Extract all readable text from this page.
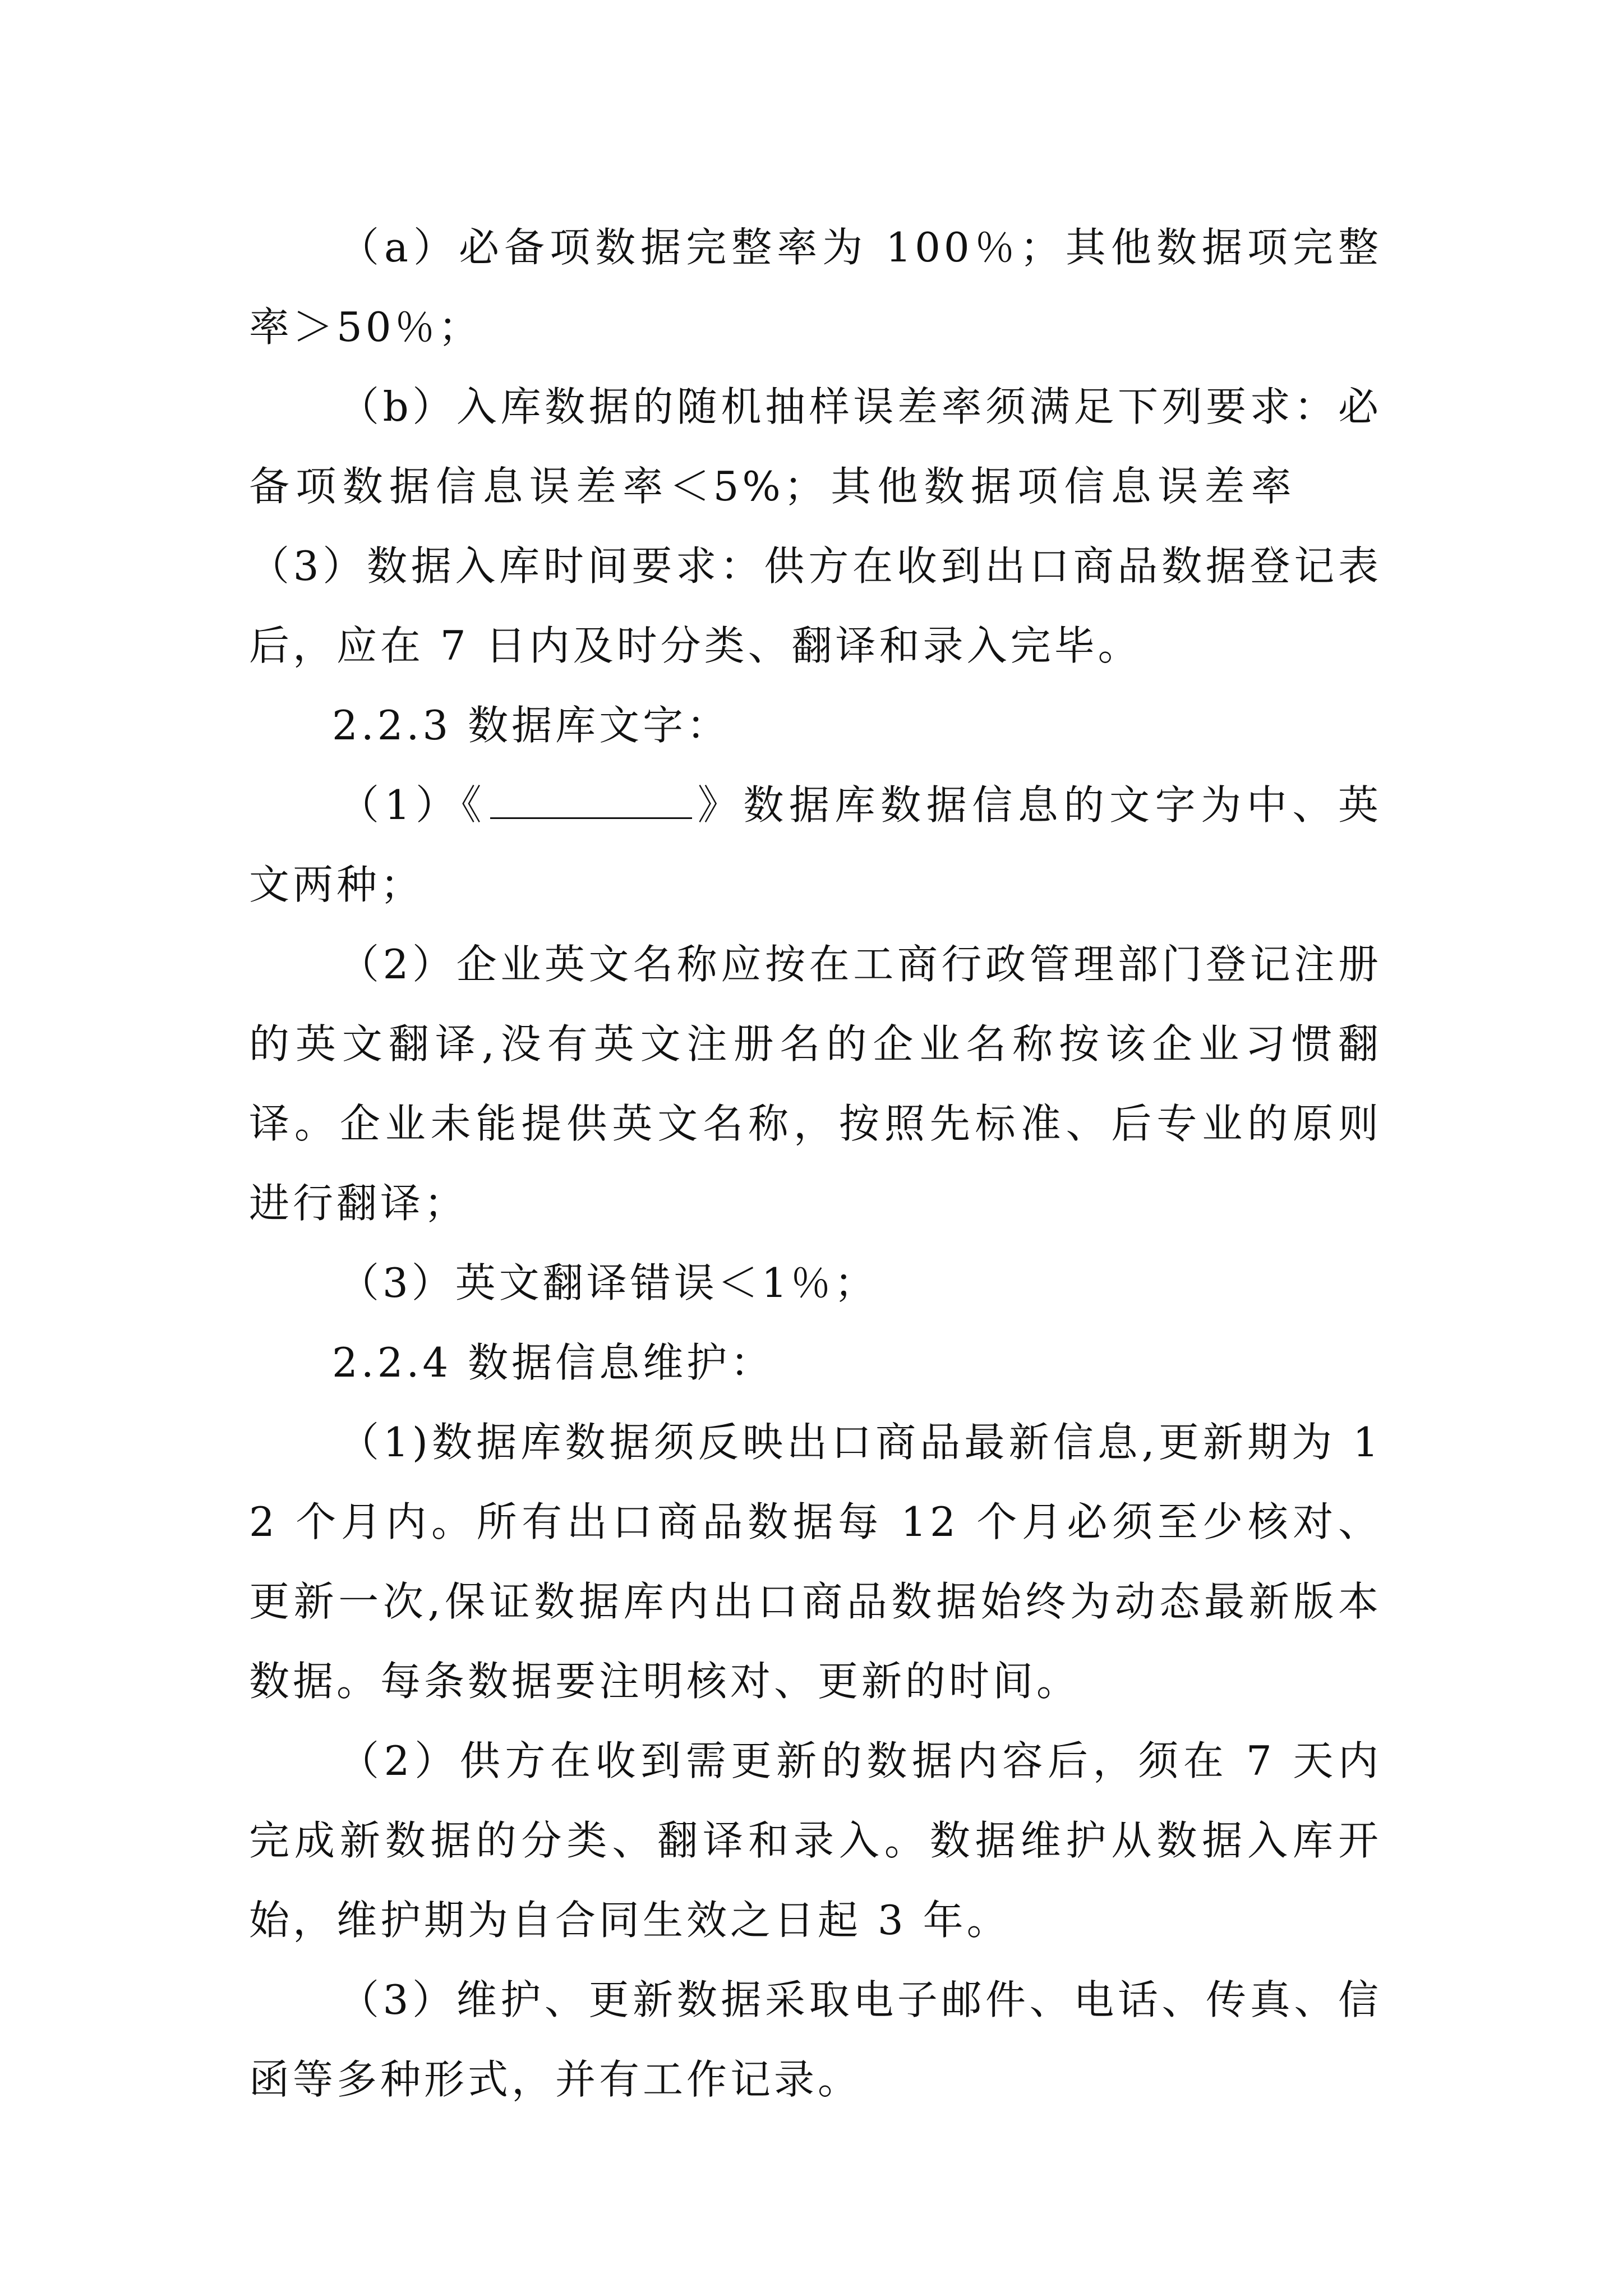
（a）必备项数据完整率为 100％；其他数据项完整率＞50％；

（b）入库数据的随机抽样误差率须满足下列要求：必备项数据信息误差率＜5%；其他数据项信息误差率（3）数据入库时间要求：供方在收到出口商品数据登记表后，应在 7 日内及时分类、翻译和录入完毕。

2.2.3 数据库文字：

（1）《	》数据库数据信息的文字为中、英文两种；

（2）企业英文名称应按在工商行政管理部门登记注册的英文翻译,没有英文注册名的企业名称按该企业习惯翻译。企业未能提供英文名称，按照先标准、后专业的原则进行翻译；

（3）英文翻译错误＜1％；

2.2.4 数据信息维护：

（1)数据库数据须反映出口商品最新信息,更新期为 12 个月内。所有出口商品数据每 12 个月必须至少核对、更新一次,保证数据库内出口商品数据始终为动态最新版本数据。每条数据要注明核对、更新的时间。

（2）供方在收到需更新的数据内容后，须在 7 天内完成新数据的分类、翻译和录入。数据维护从数据入库开始，维护期为自合同生效之日起 3 年。

（3）维护、更新数据采取电子邮件、电话、传真、信函等多种形式，并有工作记录。
